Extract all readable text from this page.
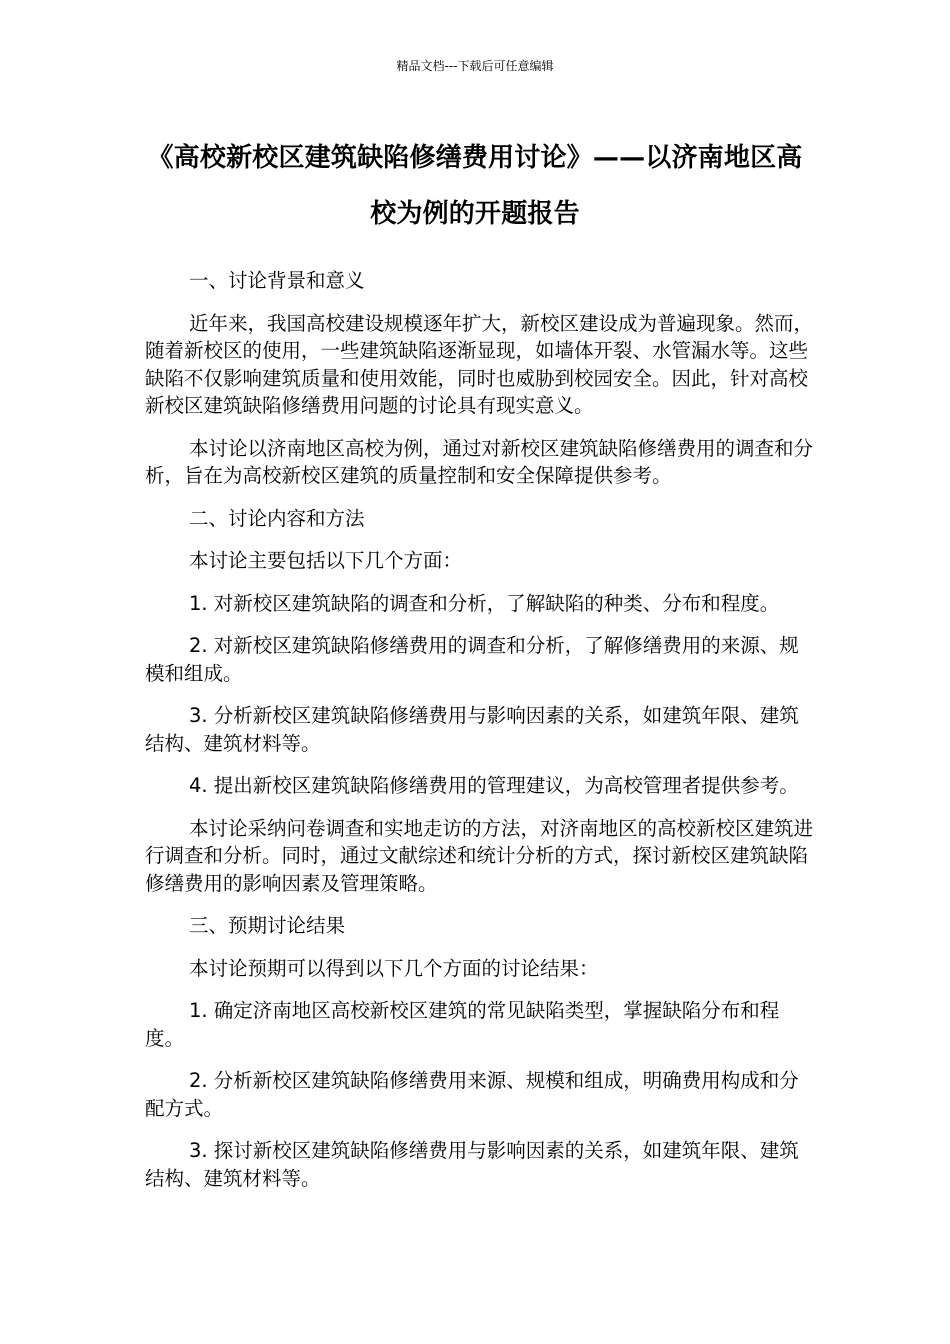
精品文档---下载后可任意编辑
《高校新校区建筑缺陷修缮费用讨论》——以济南地区高校为例的开题报告

一、讨论背景和意义

近年来，我国高校建设规模逐年扩大，新校区建设成为普遍现象。然而，随着新校区的使用，一些建筑缺陷逐渐显现，如墙体开裂、水管漏水等。这些缺陷不仅影响建筑质量和使用效能，同时也威胁到校园安全。因此，针对高校新校区建筑缺陷修缮费用问题的讨论具有现实意义。

本讨论以济南地区高校为例，通过对新校区建筑缺陷修缮费用的调查和分析，旨在为高校新校区建筑的质量控制和安全保障提供参考。

二、讨论内容和方法

本讨论主要包括以下几个方面：

1. 对新校区建筑缺陷的调查和分析，了解缺陷的种类、分布和程度。

2. 对新校区建筑缺陷修缮费用的调查和分析，了解修缮费用的来源、规模和组成。

3. 分析新校区建筑缺陷修缮费用与影响因素的关系，如建筑年限、建筑结构、建筑材料等。

4. 提出新校区建筑缺陷修缮费用的管理建议，为高校管理者提供参考。

本讨论采纳问卷调查和实地走访的方法，对济南地区的高校新校区建筑进行调查和分析。同时，通过文献综述和统计分析的方式，探讨新校区建筑缺陷修缮费用的影响因素及管理策略。

三、预期讨论结果

本讨论预期可以得到以下几个方面的讨论结果：

1. 确定济南地区高校新校区建筑的常见缺陷类型，掌握缺陷分布和程度。

2. 分析新校区建筑缺陷修缮费用来源、规模和组成，明确费用构成和分配方式。

3. 探讨新校区建筑缺陷修缮费用与影响因素的关系，如建筑年限、建筑结构、建筑材料等。
